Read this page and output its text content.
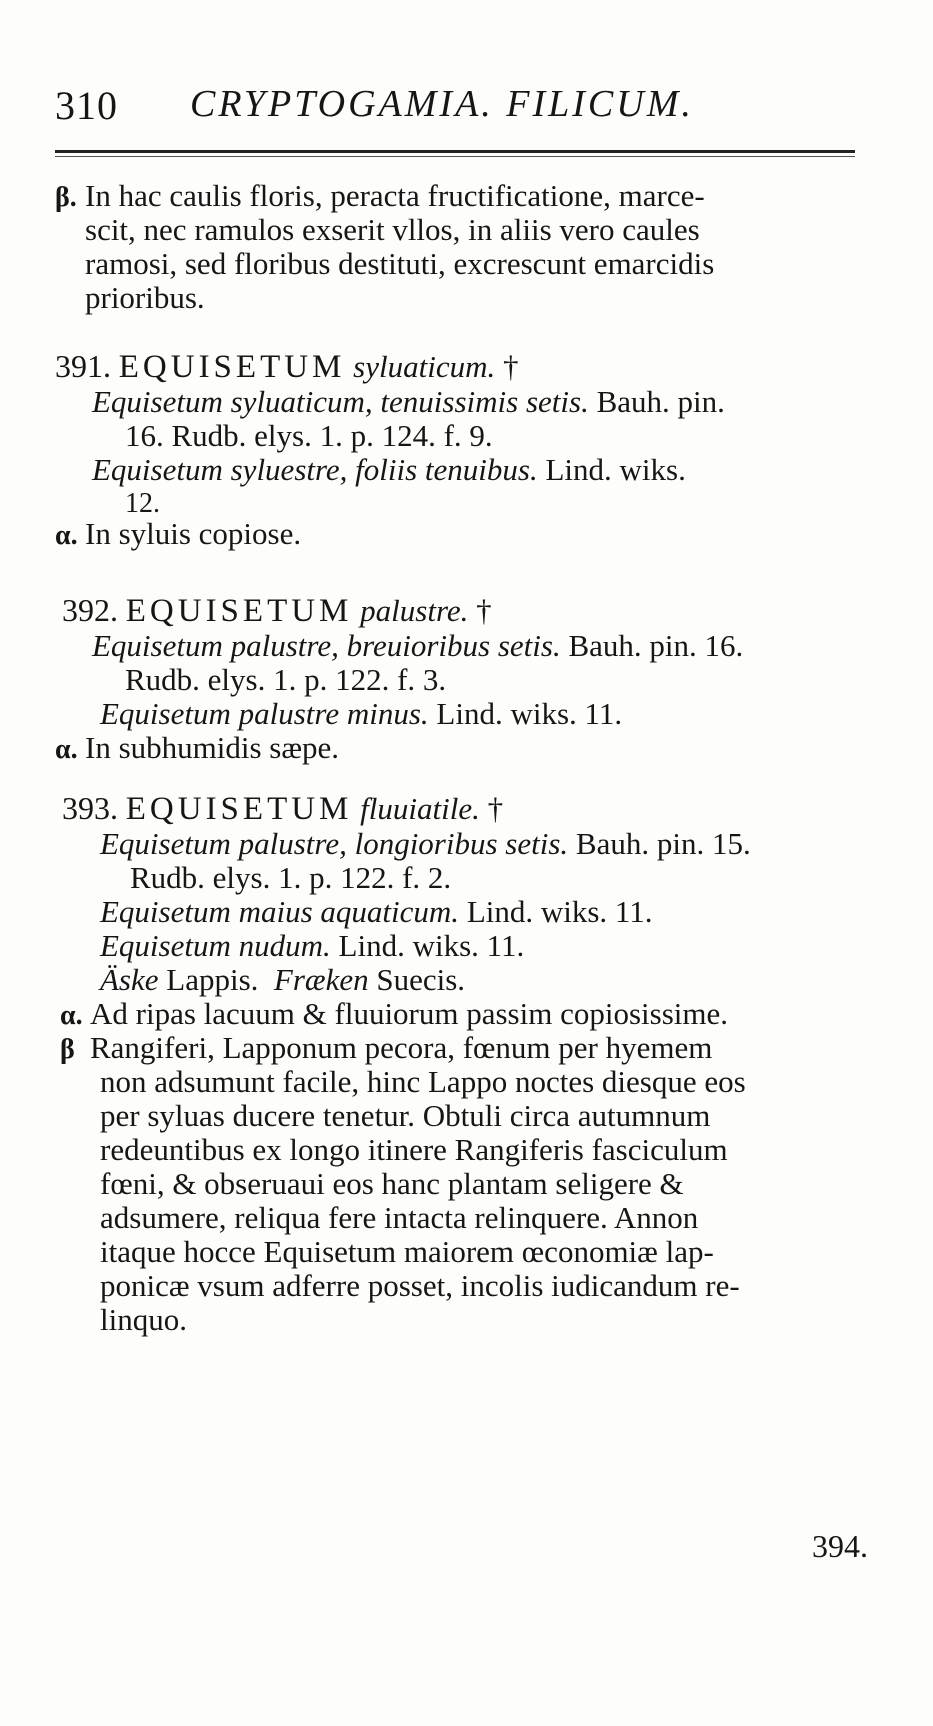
310 CRYPTOGAMIA. FILICUM.
β. In hac caulis floris, peracta fructificatione, marce-
scit, nec ramulos exserit vllos, in aliis vero caules
ramosi, sed floribus destituti, excrescunt emarcidis
prioribus.
391. EQUISETUM syluaticum. †
Equisetum syluaticum, tenuissimis setis. Bauh. pin.
16. Rudb. elys. 1. p. 124. f. 9.
Equisetum syluestre, foliis tenuibus. Lind. wiks.
12.
α. In syluis copiose.
392. EQUISETUM palustre. †
Equisetum palustre, breuioribus setis. Bauh. pin. 16.
Rudb. elys. 1. p. 122. f. 3.
Equisetum palustre minus. Lind. wiks. 11.
α. In subhumidis sæpe.
393. EQUISETUM fluuiatile. †
Equisetum palustre, longioribus setis. Bauh. pin. 15.
Rudb. elys. 1. p. 122. f. 2.
Equisetum maius aquaticum. Lind. wiks. 11.
Equisetum nudum. Lind. wiks. 11.
Äske Lappis. Fræken Suecis.
α. Ad ripas lacuum & fluuiorum passim copiosissime.
β Rangiferi, Lapponum pecora, fœnum per hyemem
non adsumunt facile, hinc Lappo noctes diesque eos
per syluas ducere tenetur. Obtuli circa autumnum
redeuntibus ex longo itinere Rangiferis fasciculum
fœni, & obseruaui eos hanc plantam seligere &
adsumere, reliqua fere intacta relinquere. Annon
itaque hocce Equisetum maiorem œconomiæ lap-
ponicæ vsum adferre posset, incolis iudicandum re-
linquo.
394.
